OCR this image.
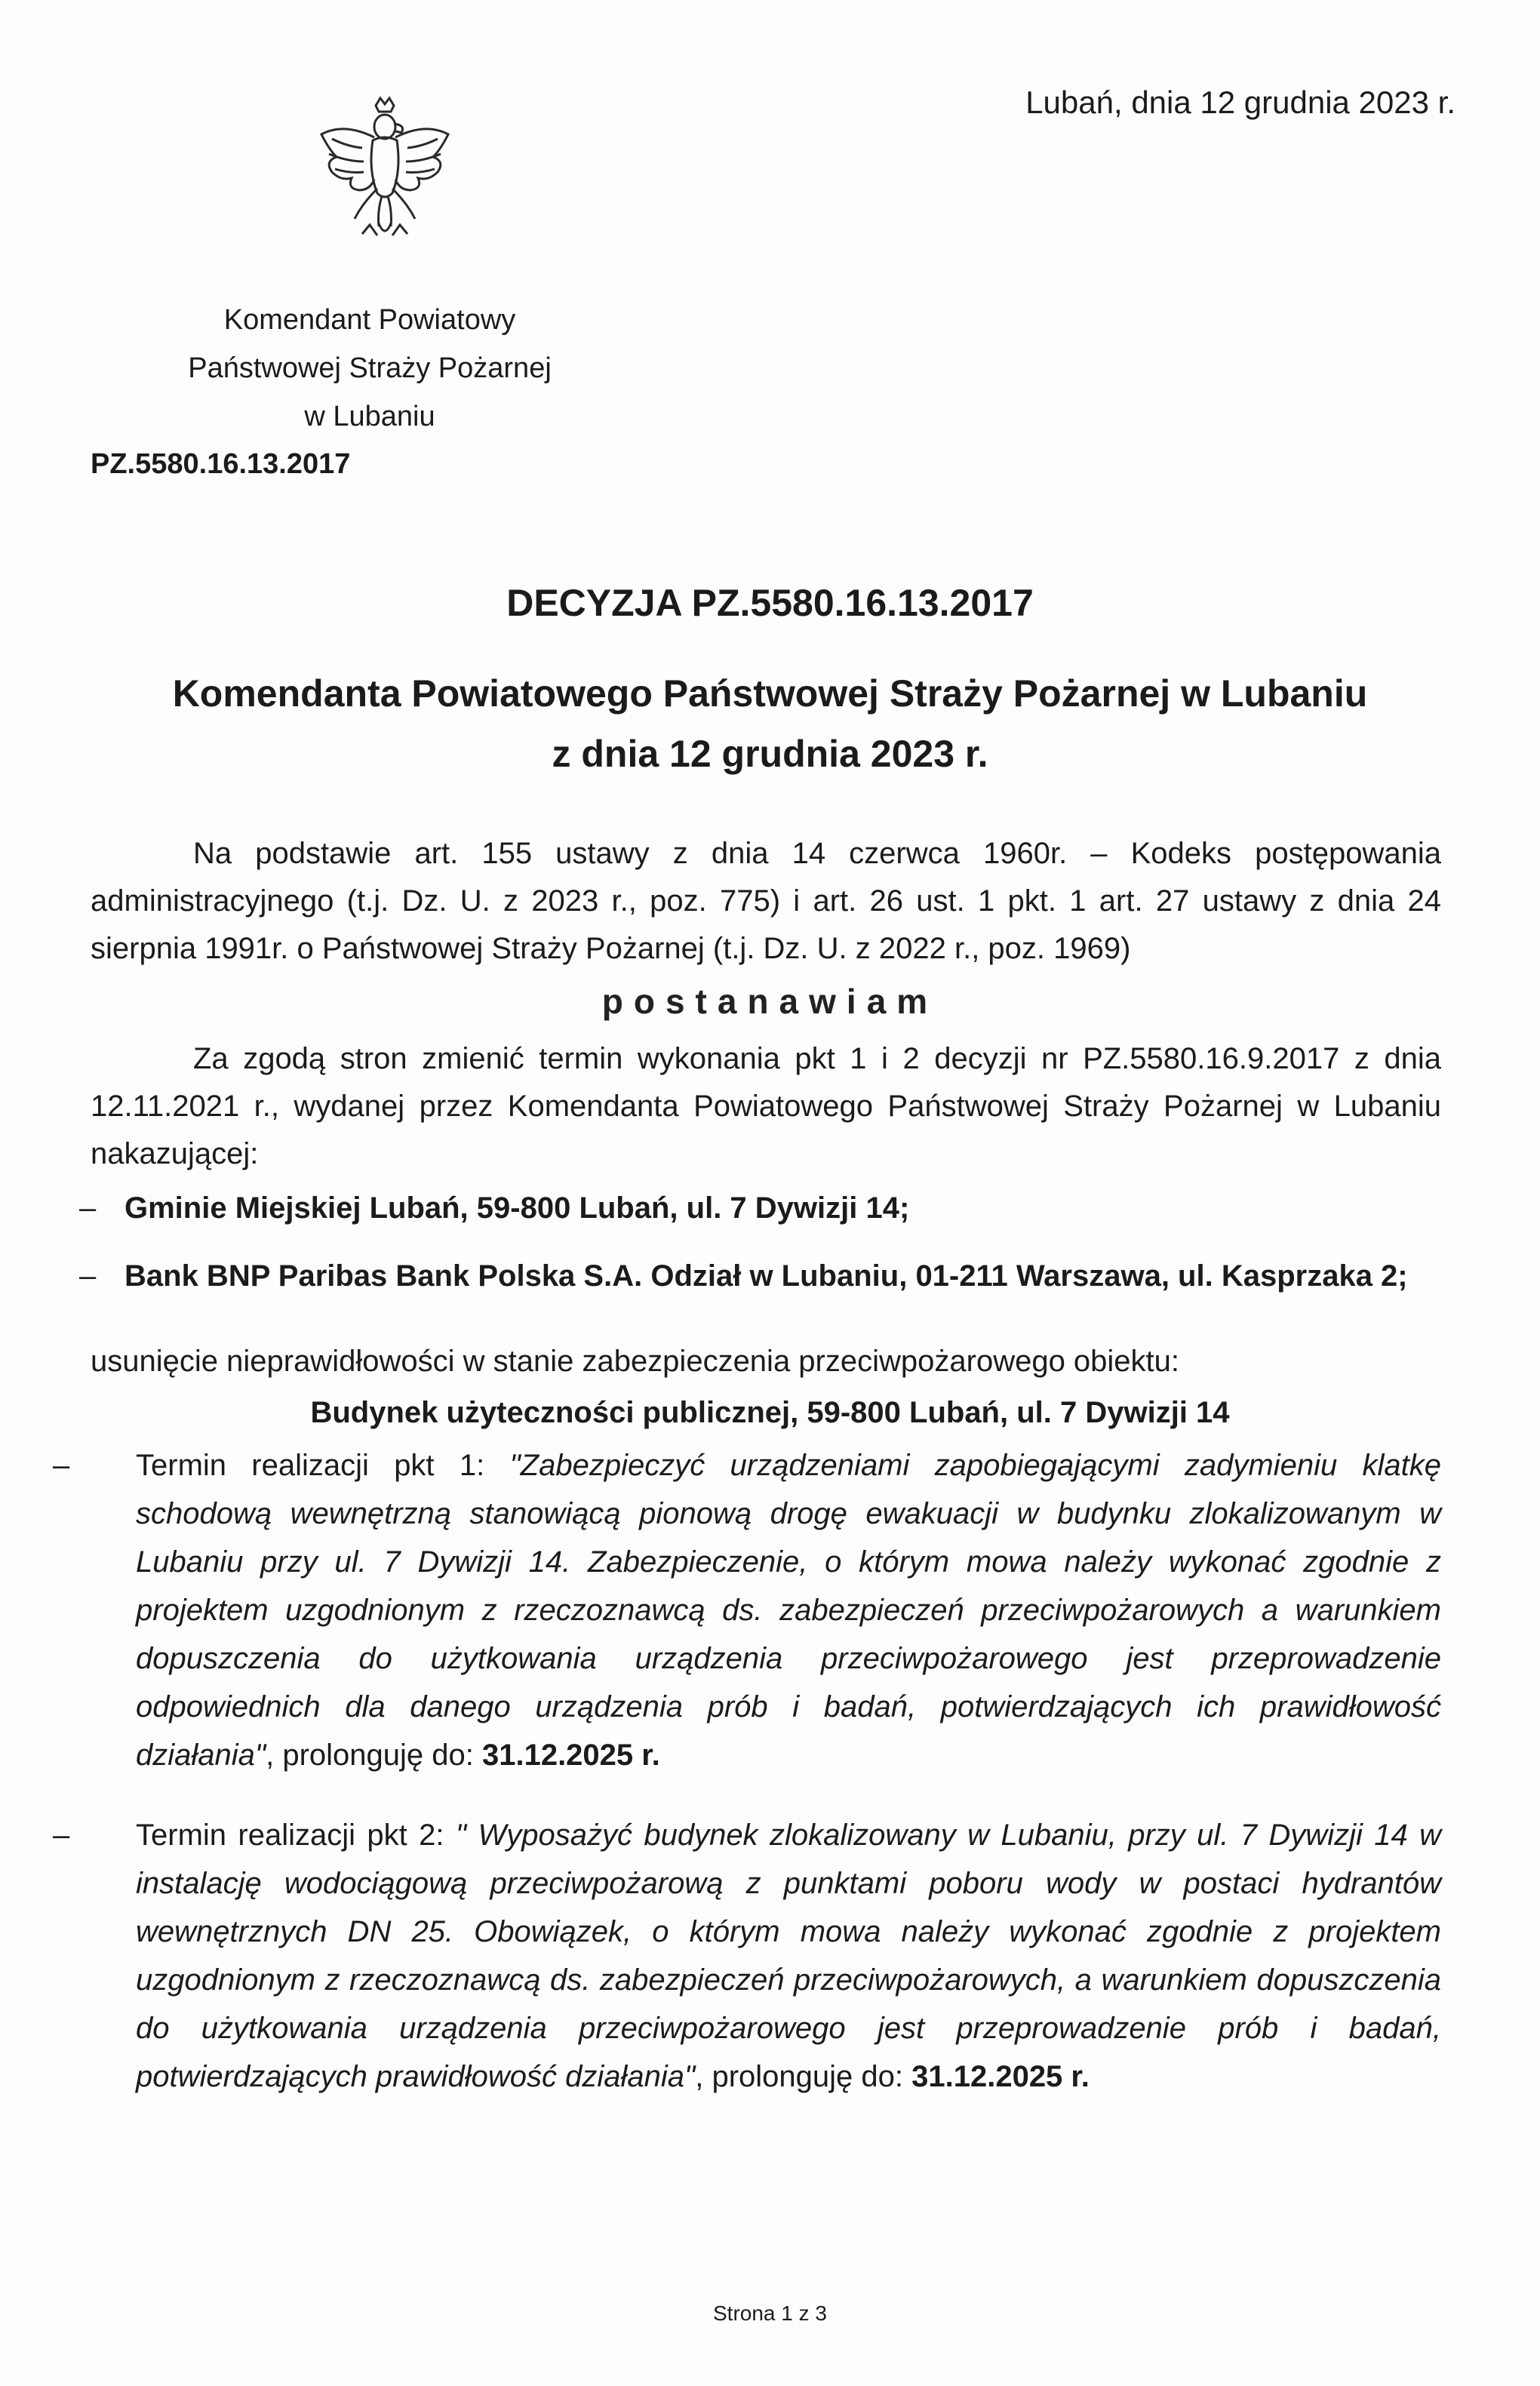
Lubań, dnia 12 grudnia 2023 r.
Komendant Powiatowy
Państwowej Straży Pożarnej
w Lubaniu
PZ.5580.16.13.2017
DECYZJA PZ.5580.16.13.2017
Komendanta Powiatowego Państwowej Straży Pożarnej w Lubaniu
z dnia 12 grudnia 2023 r.
Na podstawie art. 155 ustawy z dnia 14 czerwca 1960r. – Kodeks postępowania administracyjnego (t.j. Dz. U. z 2023 r., poz. 775) i art. 26 ust. 1 pkt. 1 art. 27 ustawy z dnia 24 sierpnia 1991r. o Państwowej Straży Pożarnej (t.j. Dz. U. z 2022 r., poz. 1969)
postanawiam
Za zgodą stron zmienić termin wykonania pkt 1 i 2 decyzji nr PZ.5580.16.9.2017 z dnia 12.11.2021 r., wydanej przez Komendanta Powiatowego Państwowej Straży Pożarnej w Lubaniu nakazującej:
– Gminie Miejskiej Lubań, 59-800 Lubań, ul. 7 Dywizji 14;
– Bank BNP Paribas Bank Polska S.A. Odział w Lubaniu, 01-211 Warszawa, ul. Kasprzaka 2;
usunięcie nieprawidłowości w stanie zabezpieczenia przeciwpożarowego obiektu:
Budynek użyteczności publicznej, 59-800 Lubań, ul. 7 Dywizji 14
– Termin realizacji pkt 1: "Zabezpieczyć urządzeniami zapobiegającymi zadymieniu klatkę schodową wewnętrzną stanowiącą pionową drogę ewakuacji w budynku zlokalizowanym w Lubaniu przy ul. 7 Dywizji 14. Zabezpieczenie, o którym mowa należy wykonać zgodnie z projektem uzgodnionym z rzeczoznawcą ds. zabezpieczeń przeciwpożarowych a warunkiem dopuszczenia do użytkowania urządzenia przeciwpożarowego jest przeprowadzenie odpowiednich dla danego urządzenia prób i badań, potwierdzających ich prawidłowość działania", prolonguję do: 31.12.2025 r.
– Termin realizacji pkt 2: " Wyposażyć budynek zlokalizowany w Lubaniu, przy ul. 7 Dywizji 14 w instalację wodociągową przeciwpożarową z punktami poboru wody w postaci hydrantów wewnętrznych DN 25. Obowiązek, o którym mowa należy wykonać zgodnie z projektem uzgodnionym z rzeczoznawcą ds. zabezpieczeń przeciwpożarowych, a warunkiem dopuszczenia do użytkowania urządzenia przeciwpożarowego jest przeprowadzenie prób i badań, potwierdzających prawidłowość działania", prolonguję do: 31.12.2025 r.
Strona 1 z 3
